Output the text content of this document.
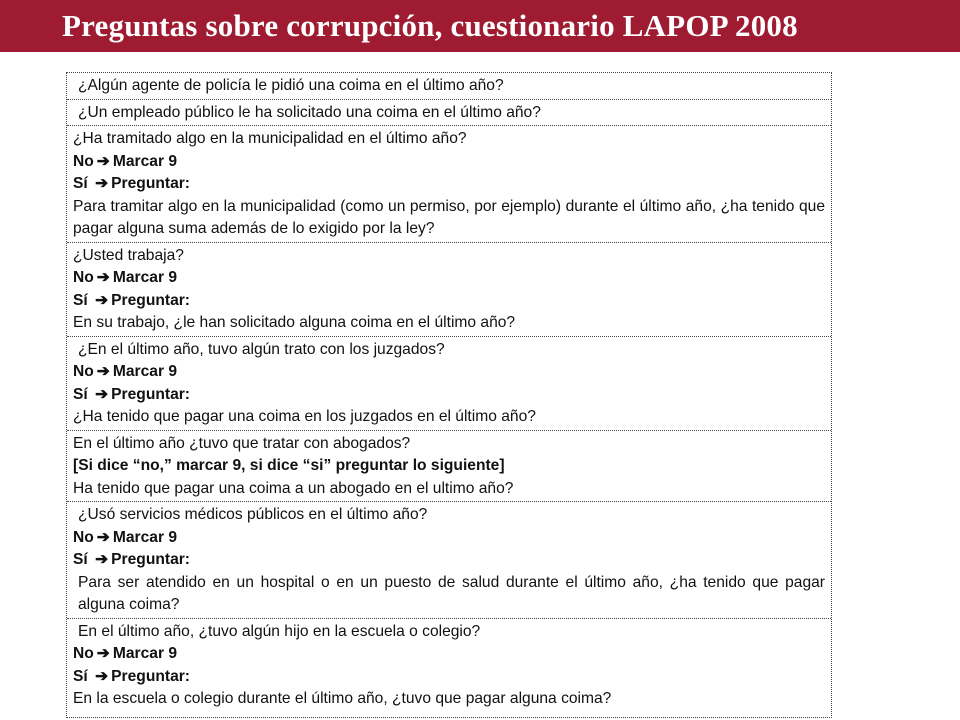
Preguntas sobre corrupción, cuestionario LAPOP 2008
¿Algún agente de policía le pidió una coima en el último año?
¿Un empleado público le ha solicitado una coima en el último año?
¿Ha tramitado algo en la municipalidad en el último año?
No ➔ Marcar 9
Sí ➔ Preguntar:
Para tramitar algo en la municipalidad (como un permiso, por ejemplo) durante el último año, ¿ha tenido que pagar alguna suma además de lo exigido por la ley?
¿Usted trabaja?
No ➔ Marcar 9
Sí ➔ Preguntar:
En su trabajo, ¿le han solicitado alguna coima en el último año?
¿En el último año, tuvo algún trato con los juzgados?
No ➔ Marcar 9
Sí ➔ Preguntar:
¿Ha tenido que pagar una coima en los juzgados en el último año?
En el último año ¿tuvo que tratar con abogados?
[Si dice “no,” marcar 9, si dice “si” preguntar lo siguiente]
Ha tenido que pagar una coima a un abogado en el ultimo año?
¿Usó servicios médicos públicos en el último año?
No ➔ Marcar 9
Sí ➔ Preguntar:
Para ser atendido en un hospital o en un puesto de salud durante el último año, ¿ha tenido que pagar alguna coima?
En el último año, ¿tuvo algún hijo en la escuela o colegio?
No ➔ Marcar 9
Sí ➔ Preguntar:
En la escuela o colegio durante el último año, ¿tuvo que pagar alguna coima?
